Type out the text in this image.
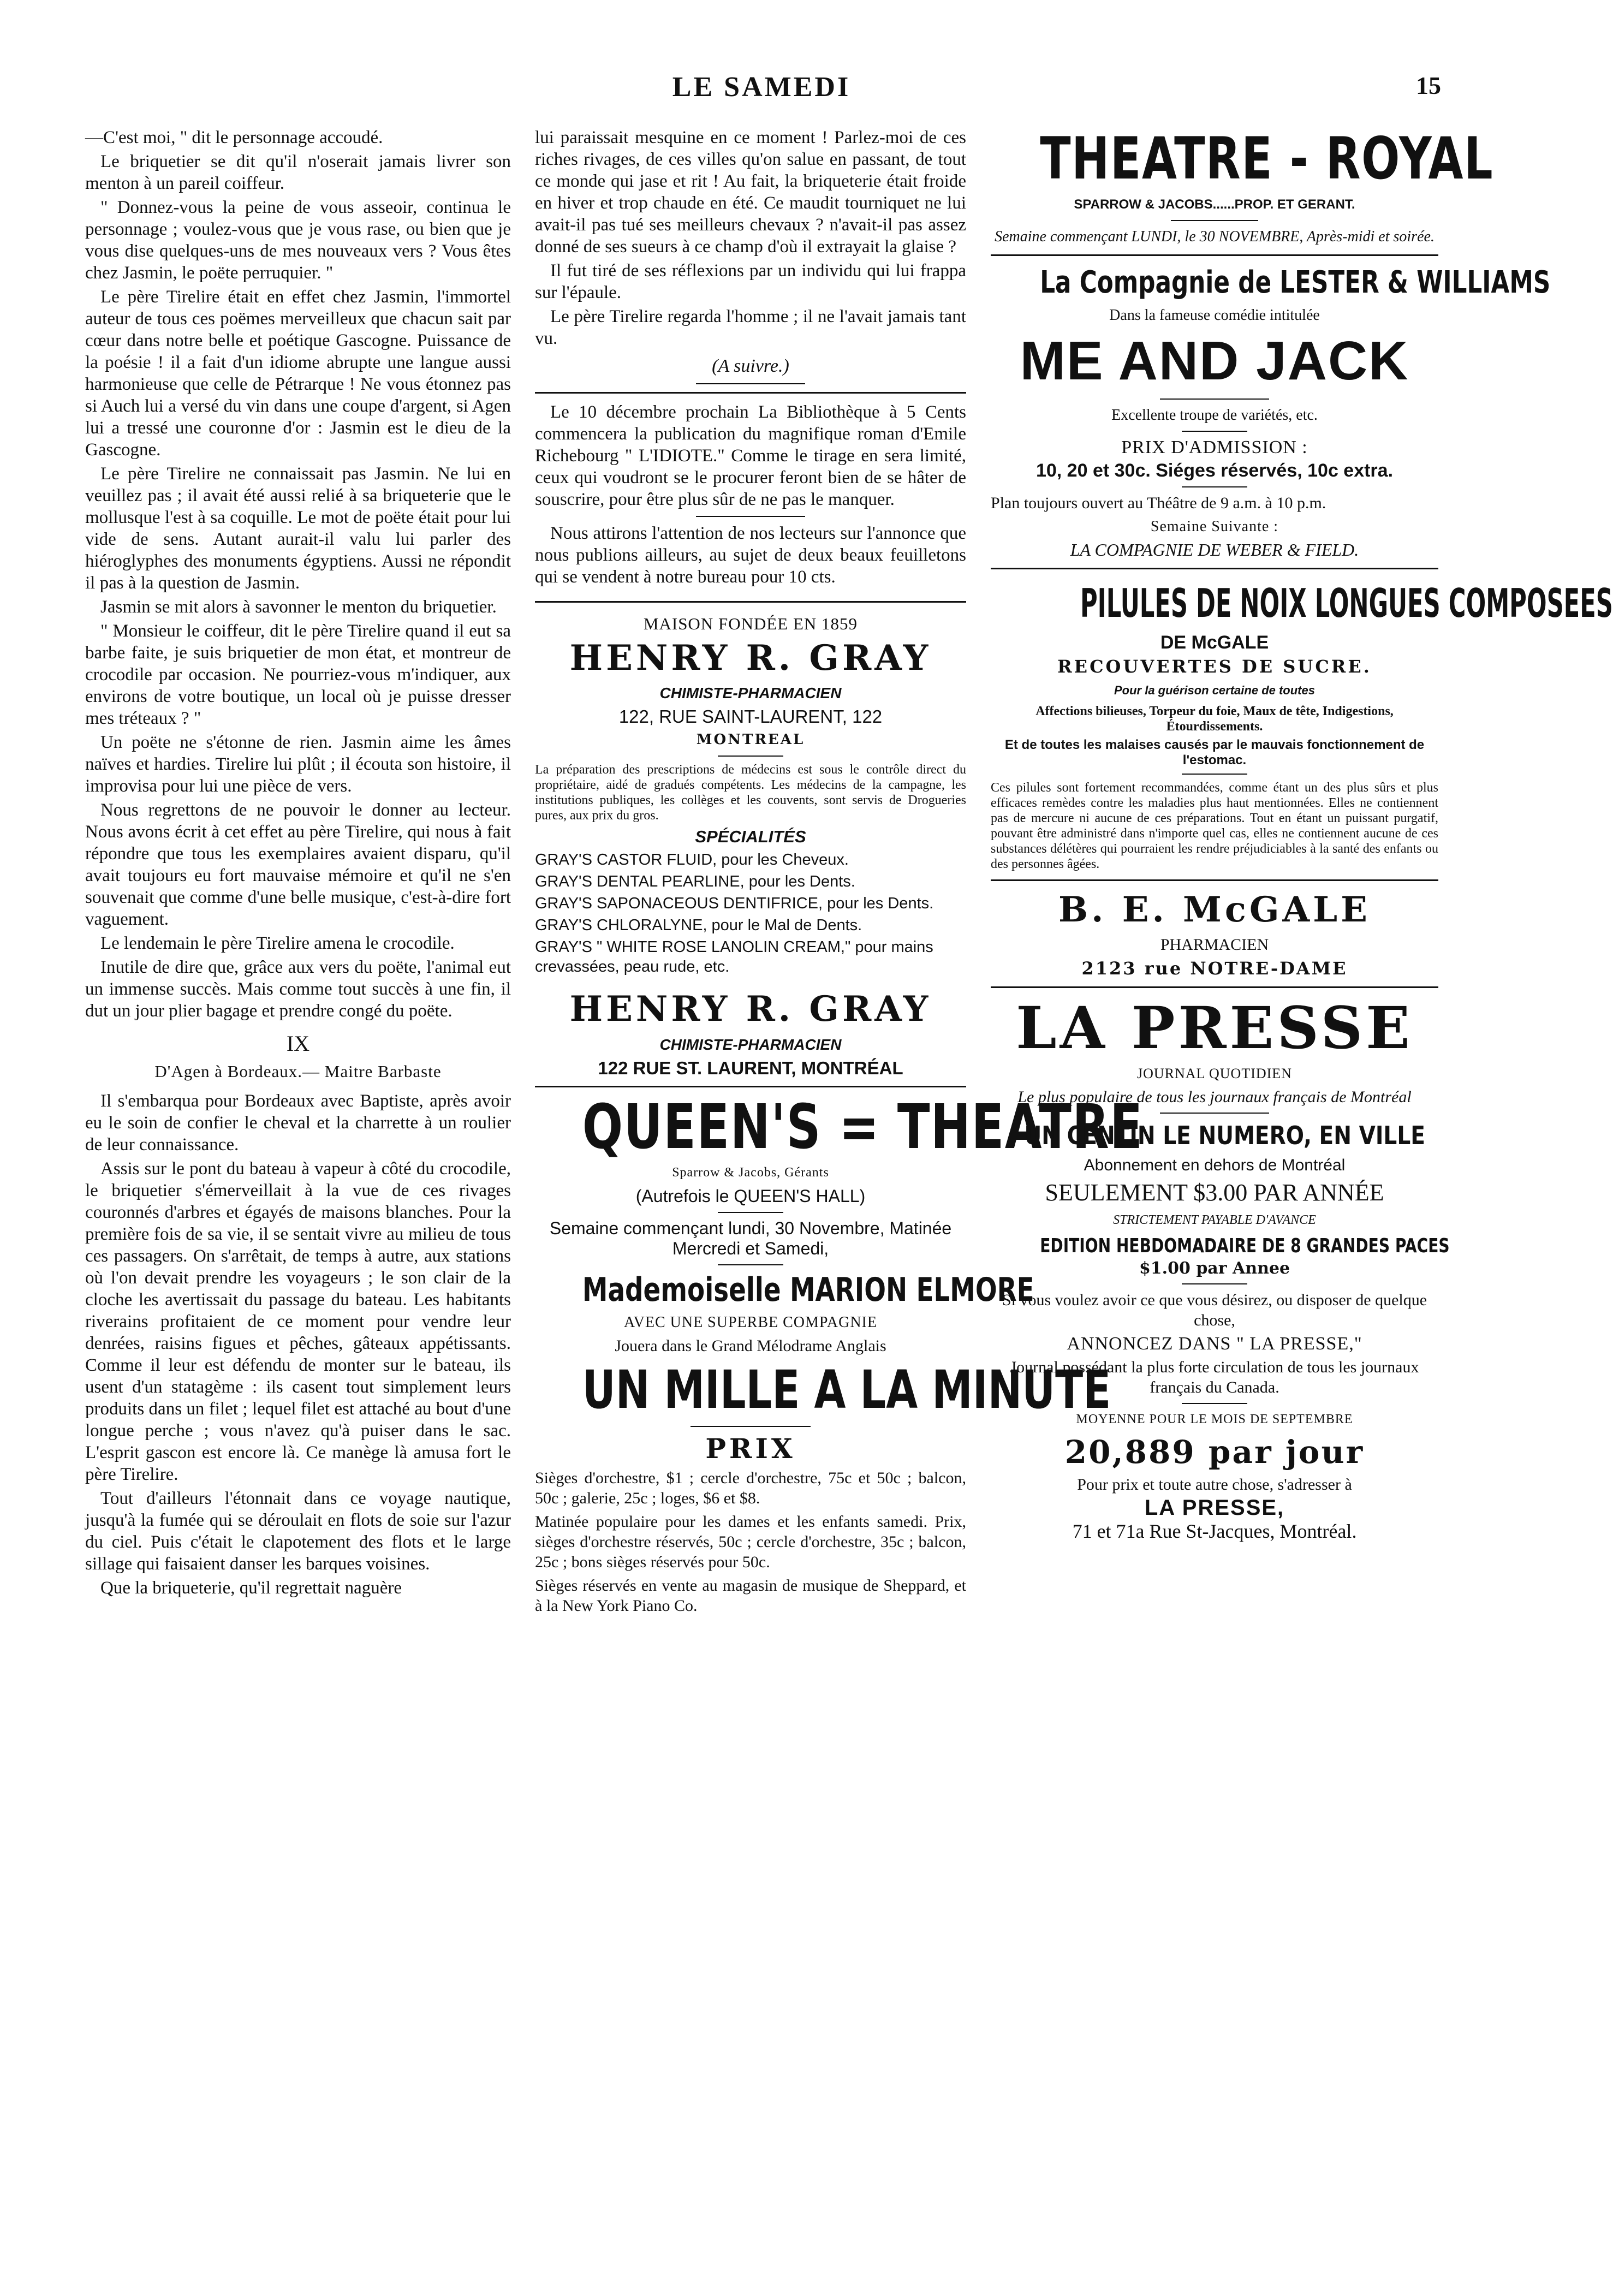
LE SAMEDI	15

—C'est moi, " dit le personnage accoudé.

Le briquetier se dit qu'il n'oserait jamais livrer son menton à un pareil coiffeur.

" Donnez-vous la peine de vous asseoir, continua le personnage ; voulez-vous que je vous rase, ou bien que je vous dise quelques-uns de mes nouveaux vers ? Vous êtes chez Jasmin, le poëte perruquier. "

Le père Tirelire était en effet chez Jasmin, l'immortel auteur de tous ces poëmes merveilleux que chacun sait par cœur dans notre belle et poétique Gascogne. Puissance de la poésie ! il a fait d'un idiome abrupte une langue aussi harmonieuse que celle de Pétrarque ! Ne vous étonnez pas si Auch lui a versé du vin dans une coupe d'argent, si Agen lui a tressé une couronne d'or : Jasmin est le dieu de la Gascogne.

Le père Tirelire ne connaissait pas Jasmin. Ne lui en veuillez pas ; il avait été aussi relié à sa briqueterie que le mollusque l'est à sa coquille. Le mot de poëte était pour lui vide de sens. Autant aurait-il valu lui parler des hiéroglyphes des monuments égyptiens. Aussi ne répondit il pas à la question de Jasmin.

Jasmin se mit alors à savonner le menton du briquetier.

" Monsieur le coiffeur, dit le père Tirelire quand il eut sa barbe faite, je suis briquetier de mon état, et montreur de crocodile par occasion. Ne pourriez-vous m'indiquer, aux environs de votre boutique, un local où je puisse dresser mes tréteaux ? "

Un poëte ne s'étonne de rien. Jasmin aime les âmes naïves et hardies. Tirelire lui plût ; il écouta son histoire, il improvisa pour lui une pièce de vers.

Nous regrettons de ne pouvoir le donner au lecteur. Nous avons écrit à cet effet au père Tirelire, qui nous à fait répondre que tous les exemplaires avaient disparu, qu'il avait toujours eu fort mauvaise mémoire et qu'il ne s'en souvenait que comme d'une belle musique, c'est-à-dire fort vaguement.

Le lendemain le père Tirelire amena le crocodile.

Inutile de dire que, grâce aux vers du poëte, l'animal eut un immense succès. Mais comme tout succès à une fin, il dut un jour plier bagage et prendre congé du poëte.

IX
D'Agen à Bordeaux.— Maitre Barbaste

Il s'embarqua pour Bordeaux avec Baptiste, après avoir eu le soin de confier le cheval et la charrette à un roulier de leur connaissance.

Assis sur le pont du bateau à vapeur à côté du crocodile, le briquetier s'émerveillait à la vue de ces rivages couronnés d'arbres et égayés de maisons blanches. Pour la première fois de sa vie, il se sentait vivre au milieu de tous ces passagers. On s'arrêtait, de temps à autre, aux stations où l'on devait prendre les voyageurs ; le son clair de la cloche les avertissait du passage du bateau. Les habitants riverains profitaient de ce moment pour vendre leur denrées, raisins figues et pêches, gâteaux appétissants. Comme il leur est défendu de monter sur le bateau, ils usent d'un statagème : ils casent tout simplement leurs produits dans un filet ; lequel filet est attaché au bout d'une longue perche ; vous n'avez qu'à puiser dans le sac. L'esprit gascon est encore là. Ce manège là amusa fort le père Tirelire.

Tout d'ailleurs l'étonnait dans ce voyage nautique, jusqu'à la fumée qui se déroulait en flots de soie sur l'azur du ciel. Puis c'était le clapotement des flots et le large sillage qui faisaient danser les barques voisines.

Que la briqueterie, qu'il regrettait naguère

lui paraissait mesquine en ce moment ! Parlez-moi de ces riches rivages, de ces villes qu'on salue en passant, de tout ce monde qui jase et rit ! Au fait, la briqueterie était froide en hiver et trop chaude en été. Ce maudit tourniquet ne lui avait-il pas tué ses meilleurs chevaux ? n'avait-il pas assez donné de ses sueurs à ce champ d'où il extrayait la glaise ?

Il fut tiré de ses réflexions par un individu qui lui frappa sur l'épaule.

Le père Tirelire regarda l'homme ; il ne l'avait jamais tant vu.

(A suivre.)

Le 10 décembre prochain La Bibliothèque à 5 Cents commencera la publication du magnifique roman d'Emile Richebourg " L'IDIOTE." Comme le tirage en sera limité, ceux qui voudront se le procurer feront bien de se hâter de souscrire, pour être plus sûr de ne pas le manquer.

Nous attirons l'attention de nos lecteurs sur l'annonce que nous publions ailleurs, au sujet de deux beaux feuilletons qui se vendent à notre bureau pour 10 cts.

MAISON FONDÉE EN 1859

HENRY R. GRAY

CHIMISTE-PHARMACIEN

122, RUE SAINT-LAURENT, 122

MONTREAL

La préparation des prescriptions de médecins est sous le contrôle direct du propriétaire, aidé de gradués compétents. Les médecins de la campagne, les institutions publiques, les collèges et les couvents, sont servis de Drogueries pures, aux prix du gros.

SPÉCIALITÉS

GRAY'S CASTOR FLUID, pour les Cheveux.
GRAY'S DENTAL PEARLINE, pour les Dents.
GRAY'S SAPONACEOUS DENTIFRICE, pour les Dents.
GRAY'S CHLORALYNE, pour le Mal de Dents.
GRAY'S " WHITE ROSE LANOLIN CREAM," pour mains crevassées, peau rude, etc.
HENRY R. GRAY

CHIMISTE-PHARMACIEN

122 RUE ST. LAURENT, MONTRÉAL

QUEEN'S = THEATRE

Sparrow & Jacobs, Gérants

(Autrefois le QUEEN'S HALL)

Semaine commençant lundi, 30 Novembre, Matinée Mercredi et Samedi,

Mademoiselle MARION ELMORE

AVEC UNE SUPERBE COMPAGNIE

Jouera dans le Grand Mélodrame Anglais

UN MILLE A LA MINUTE
PRIX

Sièges d'orchestre, $1 ; cercle d'orchestre, 75c et 50c ; balcon, 50c ; galerie, 25c ; loges, $6 et $8.

Matinée populaire pour les dames et les enfants samedi. Prix, sièges d'orchestre réservés, 50c ; cercle d'orchestre, 35c ; balcon, 25c ; bons sièges réservés pour 50c.

Sièges réservés en vente au magasin de musique de Sheppard, et à la New York Piano Co.

THEATRE - ROYAL

SPARROW & JACOBS......PROP. ET GERANT.

Semaine commençant LUNDI, le 30 NOVEMBRE, Après-midi et soirée.

La Compagnie de LESTER & WILLIAMS

Dans la fameuse comédie intitulée

ME AND JACK

Excellente troupe de variétés, etc.

PRIX D'ADMISSION :

10, 20 et 30c. Siéges réservés, 10c extra.

Plan toujours ouvert au Théâtre de 9 a.m. à 10 p.m.

Semaine Suivante :

LA COMPAGNIE DE WEBER & FIELD.

PILULES DE NOIX LONGUES COMPOSEES

DE McGALE

RECOUVERTES DE SUCRE.

Pour la guérison certaine de toutes

Affections bilieuses, Torpeur du foie, Maux de tête, Indigestions, Étourdissements.

Et de toutes les malaises causés par le mauvais fonctionnement de l'estomac.

Ces pilules sont fortement recommandées, comme étant un des plus sûrs et plus efficaces remèdes contre les maladies plus haut mentionnées. Elles ne contiennent pas de mercure ni aucune de ces préparations. Tout en étant un puissant purgatif, pouvant être administré dans n'importe quel cas, elles ne contiennent aucune de ces substances délétères qui pourraient les rendre préjudiciables à la santé des enfants ou des personnes âgées.

B. E. McGALE

PHARMACIEN

2123 rue NOTRE-DAME
LA PRESSE

JOURNAL QUOTIDIEN

Le plus populaire de tous les journaux français de Montréal

UN CENTIN LE NUMERO, EN VILLE

Abonnement en dehors de Montréal

SEULEMENT $3.00 PAR ANNÉE

STRICTEMENT PAYABLE D'AVANCE

EDITION HEBDOMADAIRE DE 8 GRANDES PACES
$1.00 par Annee

Si vous voulez avoir ce que vous désirez, ou disposer de quelque chose,

ANNONCEZ DANS " LA PRESSE,"

Journal possédant la plus forte circulation de tous les journaux français du Canada.

MOYENNE POUR LE MOIS DE SEPTEMBRE

20,889 par jour

Pour prix et toute autre chose, s'adresser à

LA PRESSE,

71 et 71a Rue St-Jacques, Montréal.
